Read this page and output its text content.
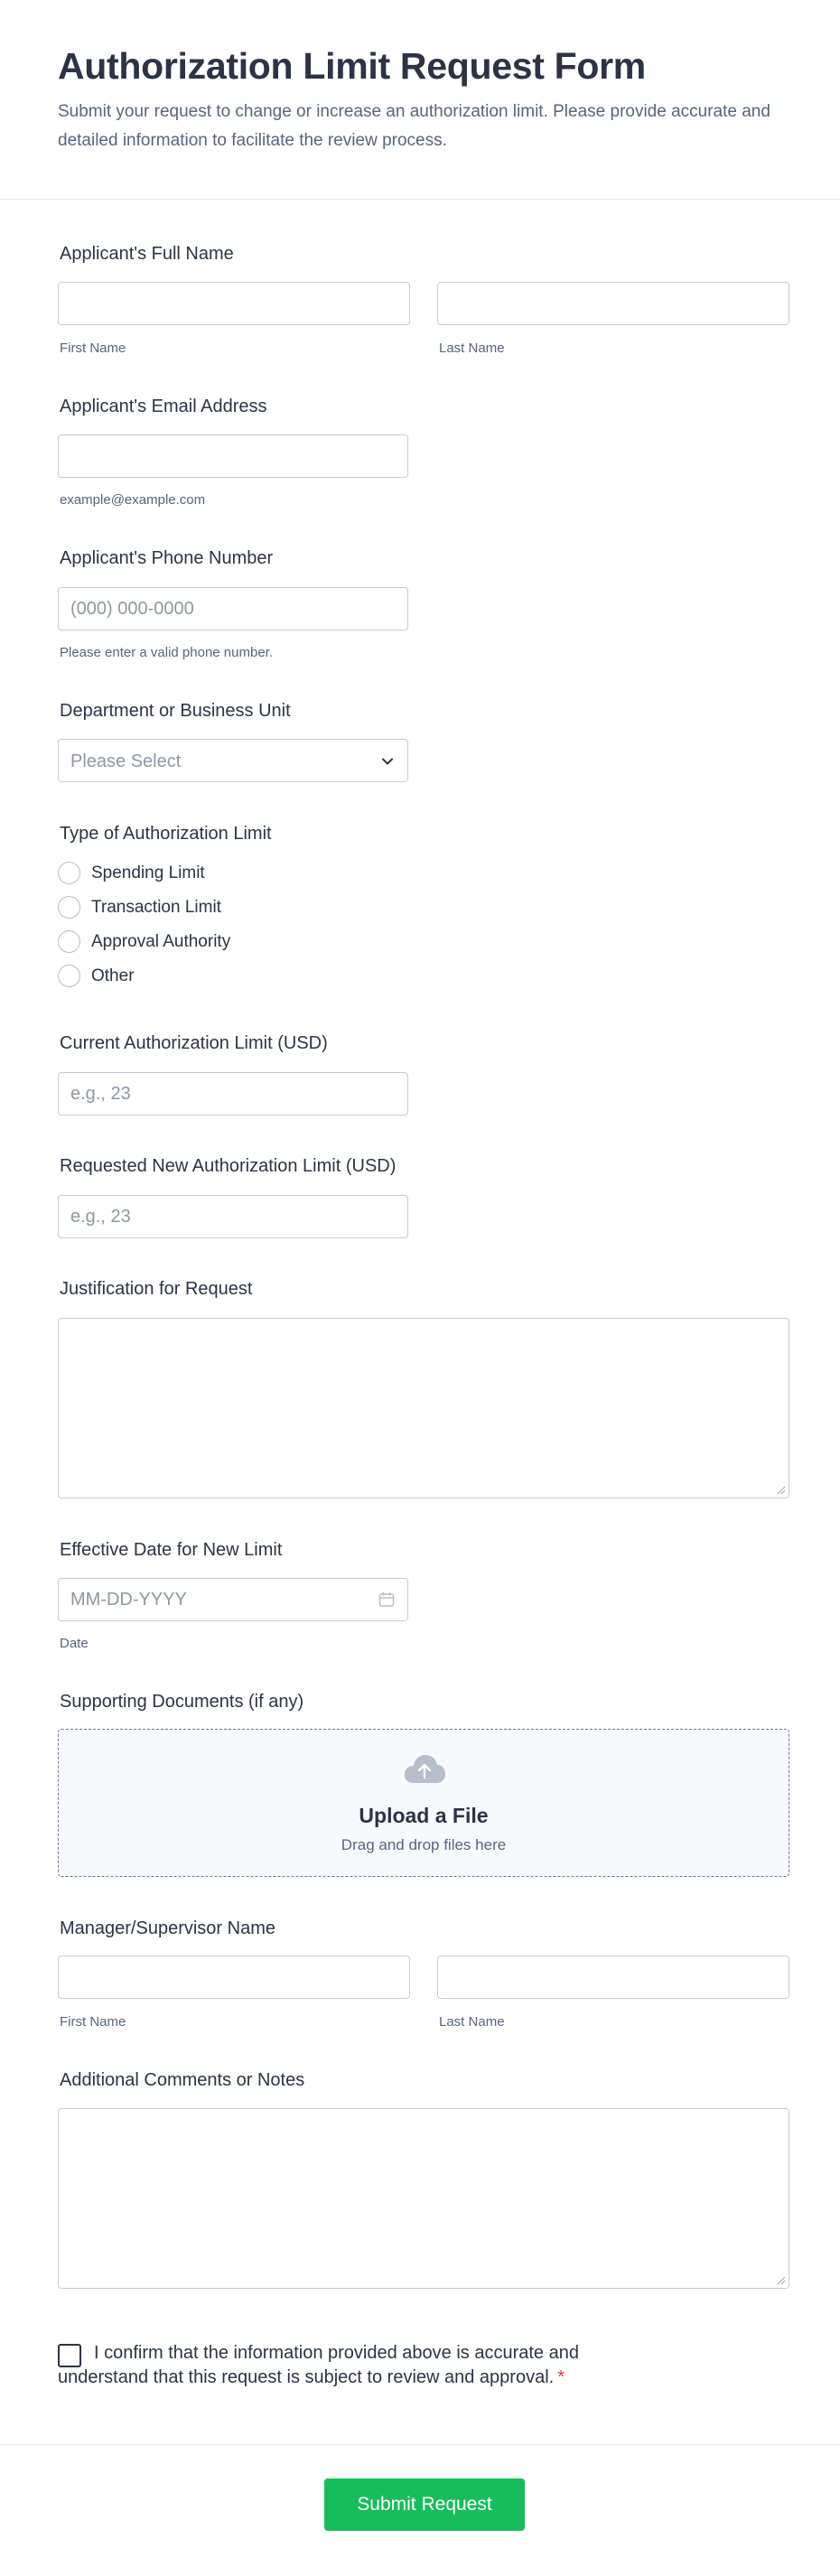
Authorization Limit Request Form

Submit your request to change or increase an authorization limit. Please provide accurate and detailed information to facilitate the review process.

Applicant's Full Name
First Name	Last Name
Applicant's Email Address
example@example.com
Applicant's Phone Number
(000) 000-0000
Please enter a valid phone number.
Department or Business Unit
Please Select
Type of Authorization Limit
Spending Limit
Transaction Limit
Approval Authority
Other
Current Authorization Limit (USD)
e.g., 23
Requested New Authorization Limit (USD)
e.g., 23
Justification for Request
Effective Date for New Limit
MM-DD-YYYY
Date
Supporting Documents (if any)
Upload a File
Drag and drop files here
Manager/Supervisor Name
First Name	Last Name
Additional Comments or Notes
I confirm that the information provided above is accurate and understand that this request is subject to review and approval. *
Submit Request
